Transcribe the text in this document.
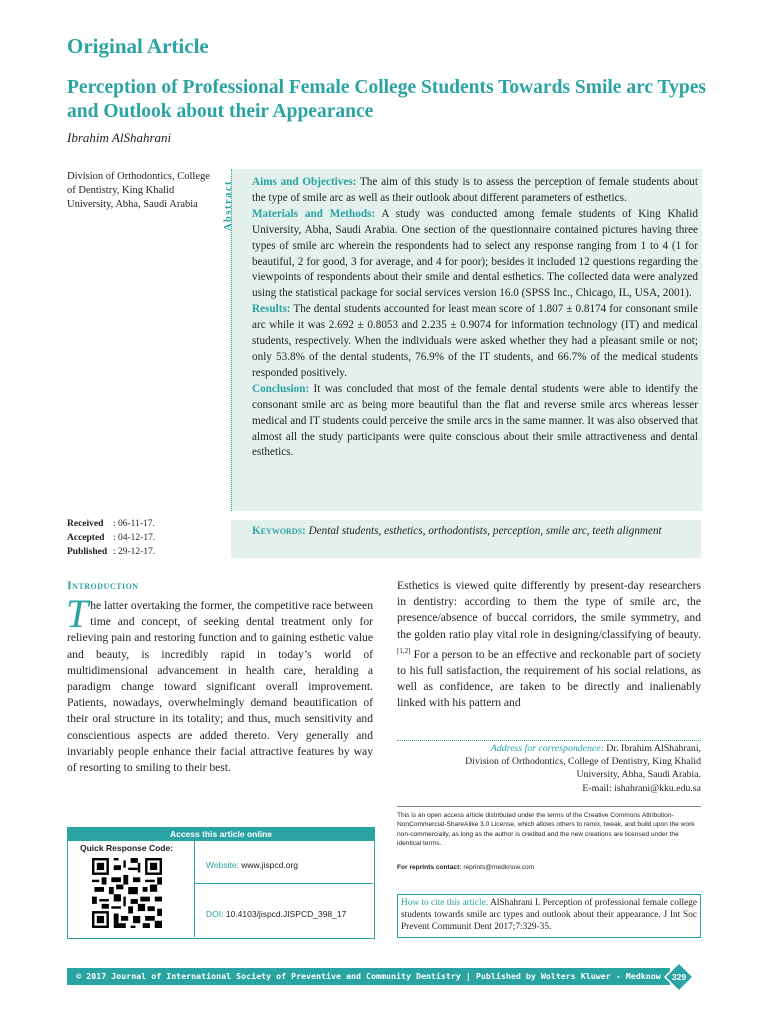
Original Article
Perception of Professional Female College Students Towards Smile arc Types and Outlook about their Appearance
Ibrahim AlShahrani
Division of Orthodontics, College of Dentistry, King Khalid University, Abha, Saudi Arabia
Received : 06-11-17.
Accepted : 04-12-17.
Published : 29-12-17.
Abstract Aims and Objectives: The aim of this study is to assess the perception of female students about the type of smile arc as well as their outlook about different parameters of esthetics.
Materials and Methods: A study was conducted among female students of King Khalid University, Abha, Saudi Arabia. One section of the questionnaire contained pictures having three types of smile arc wherein the respondents had to select any response ranging from 1 to 4 (1 for beautiful, 2 for good, 3 for average, and 4 for poor); besides it included 12 questions regarding the viewpoints of respondents about their smile and dental esthetics. The collected data were analyzed using the statistical package for social services version 16.0 (SPSS Inc., Chicago, IL, USA, 2001).
Results: The dental students accounted for least mean score of 1.807 ± 0.8174 for consonant smile arc while it was 2.692 ± 0.8053 and 2.235 ± 0.9074 for information technology (IT) and medical students, respectively. When the individuals were asked whether they had a pleasant smile or not; only 53.8% of the dental students, 76.9% of the IT students, and 66.7% of the medical students responded positively.
Conclusion: It was concluded that most of the female dental students were able to identify the consonant smile arc as being more beautiful than the flat and reverse smile arcs whereas lesser medical and IT students could perceive the smile arcs in the same manner. It was also observed that almost all the study participants were quite conscious about their smile attractiveness and dental esthetics.
Keywords: Dental students, esthetics, orthodontists, perception, smile arc, teeth alignment
Introduction
The latter overtaking the former, the competitive race between time and concept, of seeking dental treatment only for relieving pain and restoring function and to gaining esthetic value and beauty, is incredibly rapid in today’s world of multidimensional advancement in health care, heralding a paradigm change toward significant overall improvement. Patients, nowadays, overwhelmingly demand beautification of their oral structure in its totality; and thus, much sensitivity and conscientious aspects are added thereto. Very generally and invariably people enhance their facial attractive features by way of resorting to smiling to their best.
Esthetics is viewed quite differently by present-day researchers in dentistry: according to them the type of smile arc, the presence/absence of buccal corridors, the smile symmetry, and the golden ratio play vital role in designing/classifying of beauty.[1,2] For a person to be an effective and reckonable part of society to his full satisfaction, the requirement of his social relations, as well as confidence, are taken to be directly and inalienably linked with his pattern and
Address for correspondence: Dr. Ibrahim AlShahrani,
Division of Orthodontics, College of Dentistry, King Khalid
University, Abha, Saudi Arabia.
E-mail: ishahrani@kku.edu.sa
This is an open access article distributed under the terms of the Creative Commons Attribution-NonCommercial-ShareAlike 3.0 License, which allows others to remix, tweak, and build upon the work non-commercially, as long as the author is credited and the new creations are licensed under the identical terms.
For reprints contact: reprints@medknow.com
How to cite this article: AlShahrani I. Perception of professional female college students towards smile arc types and outlook about their appearance. J Int Soc Prevent Communit Dent 2017;7:329-35.
Access this article online
Quick Response Code:
Website: www.jispcd.org
DOI: 10.4103/jispcd.JISPCD_398_17
© 2017 Journal of International Society of Preventive and Community Dentistry | Published by Wolters Kluwer - Medknow	329
